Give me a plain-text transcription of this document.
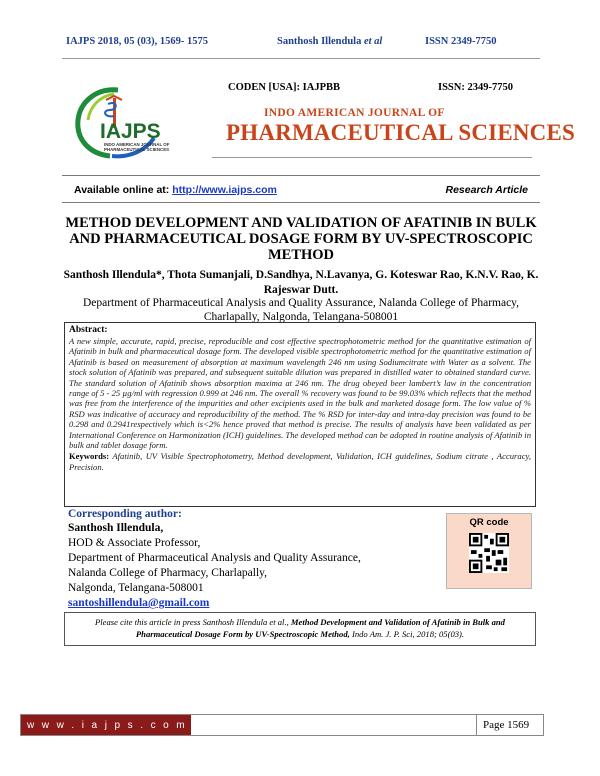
IAJPS 2018, 05 (03), 1569- 1575	Santhosh Illendula et al	ISSN 2349-7750
CODEN [USA]: IAJPBB	ISSN: 2349-7750
IAJPS
INDO AMERICAN JOURNAL OF
PHARMACEUTICAL SCIENCES
INDO AMERICAN JOURNAL OF
PHARMACEUTICAL SCIENCES
Available online at: http://www.iajps.com	Research Article
METHOD DEVELOPMENT AND VALIDATION OF AFATINIB IN BULK AND PHARMACEUTICAL DOSAGE FORM BY UV-SPECTROSCOPIC METHOD
Santhosh Illendula*, Thota Sumanjali, D.Sandhya, N.Lavanya, G. Koteswar Rao, K.N.V. Rao, K. Rajeswar Dutt.
Department of Pharmaceutical Analysis and Quality Assurance, Nalanda College of Pharmacy, Charlapally, Nalgonda, Telangana-508001
Abstract:
A new simple, accurate, rapid, precise, reproducible and cost effective spectrophotometric method for the quantitative estimation of Afatinib in bulk and pharmaceutical dosage form. The developed visible spectrophotometric method for the quantitative estimation of Afatinib is based on measurement of absorption at maximum wavelength 246 nm using Sodiumcitrate with Water as a solvent. The stock solution of Afatinib was prepared, and subsequent suitable dilution was prepared in distilled water to obtained standard curve. The standard solution of Afatinib shows absorption maxima at 246 nm. The drug obeyed beer lambert’s law in the concentration range of 5 - 25 µg/ml with regression 0.999 at 246 nm. The overall % recovery was found to be 99.03% which reflects that the method was free from the interference of the impurities and other excipients used in the bulk and marketed dosage form. The low value of % RSD was indicative of accuracy and reproducibility of the method. The % RSD for inter-day and intra-day precision was found to be 0.298 and 0.2941respectively which is<2% hence proved that method is precise. The results of analysis have been validated as per International Conference on Harmonization (ICH) guidelines. The developed method can be adopted in routine analysis of Afatinib in bulk and tablet dosage form.
Keywords: Afatinib, UV Visible Spectrophotometry, Method development, Validation, ICH guidelines, Sodium citrate , Accuracy, Precision.
Corresponding author:
Santhosh Illendula,
HOD & Associate Professor,
Department of Pharmaceutical Analysis and Quality Assurance,
Nalanda College of Pharmacy, Charlapally,
Nalgonda, Telangana-508001
santoshillendula@gmail.com
QR code
Please cite this article in press Santhosh Illendula et al., Method Development and Validation of Afatinib in Bulk and Pharmaceutical Dosage Form by UV-Spectroscopic Method, Indo Am. J. P. Sci, 2018; 05(03).
w w w . i a j p s . c o m	Page 1569
